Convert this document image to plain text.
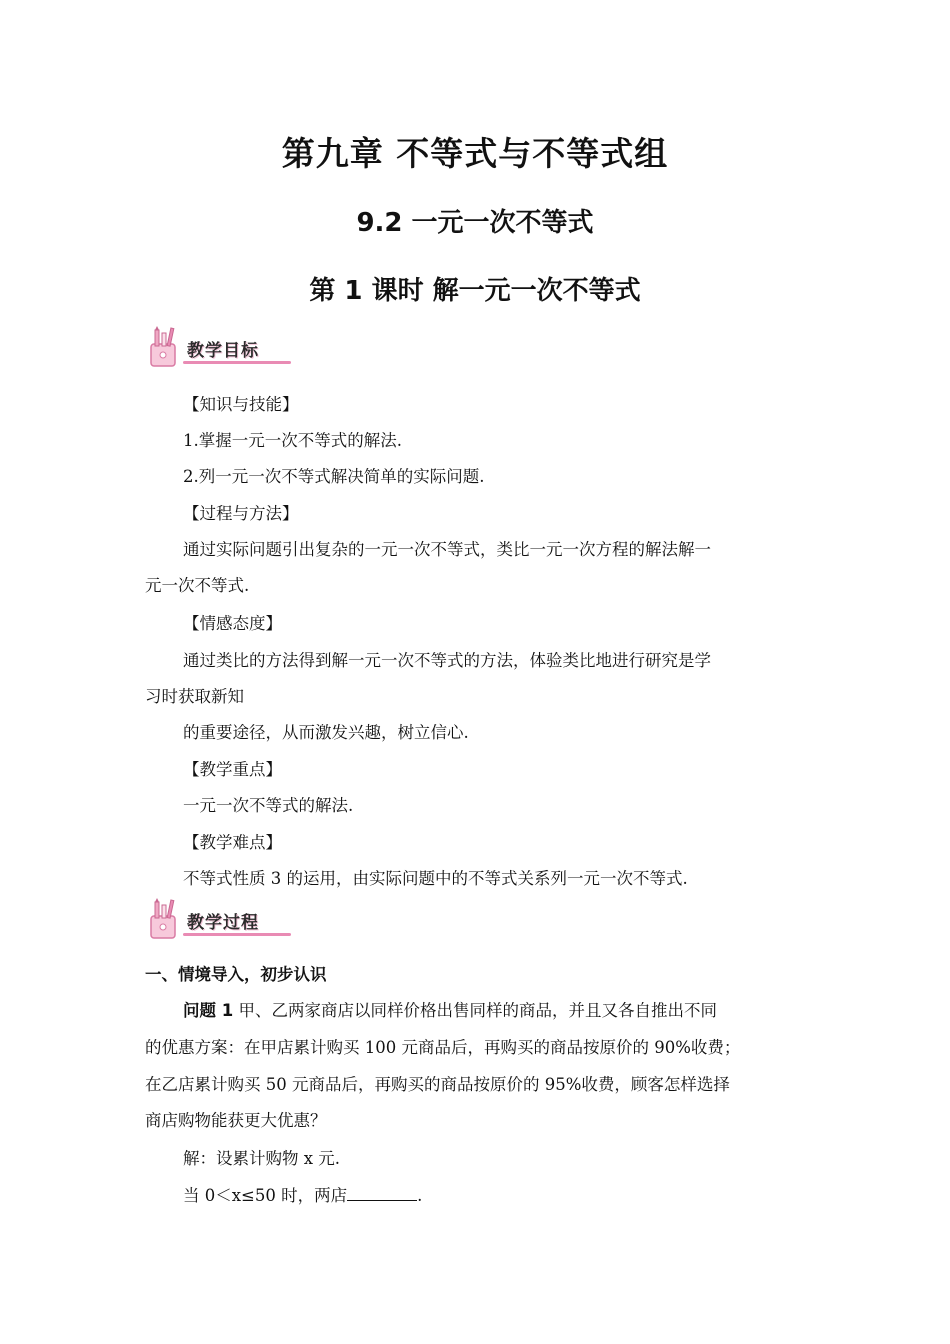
第九章 不等式与不等式组
9.2 一元一次不等式
第 1 课时 解一元一次不等式
教学目标
【知识与技能】
1.掌握一元一次不等式的解法.
2.列一元一次不等式解决简单的实际问题.
【过程与方法】
通过实际问题引出复杂的一元一次不等式，类比一元一次方程的解法解一
元一次不等式.
【情感态度】
通过类比的方法得到解一元一次不等式的方法，体验类比地进行研究是学
习时获取新知
的重要途径，从而激发兴趣，树立信心.
【教学重点】
一元一次不等式的解法.
【教学难点】
不等式性质 3 的运用，由实际问题中的不等式关系列一元一次不等式.
教学过程
一、情境导入，初步认识
问题 1 甲、乙两家商店以同样价格出售同样的商品，并且又各自推出不同
的优惠方案：在甲店累计购买 100 元商品后，再购买的商品按原价的 90%收费；
在乙店累计购买 50 元商品后，再购买的商品按原价的 95%收费，顾客怎样选择
商店购物能获更大优惠？
解：设累计购物 x 元.
当 0＜x≤50 时，两店	.
